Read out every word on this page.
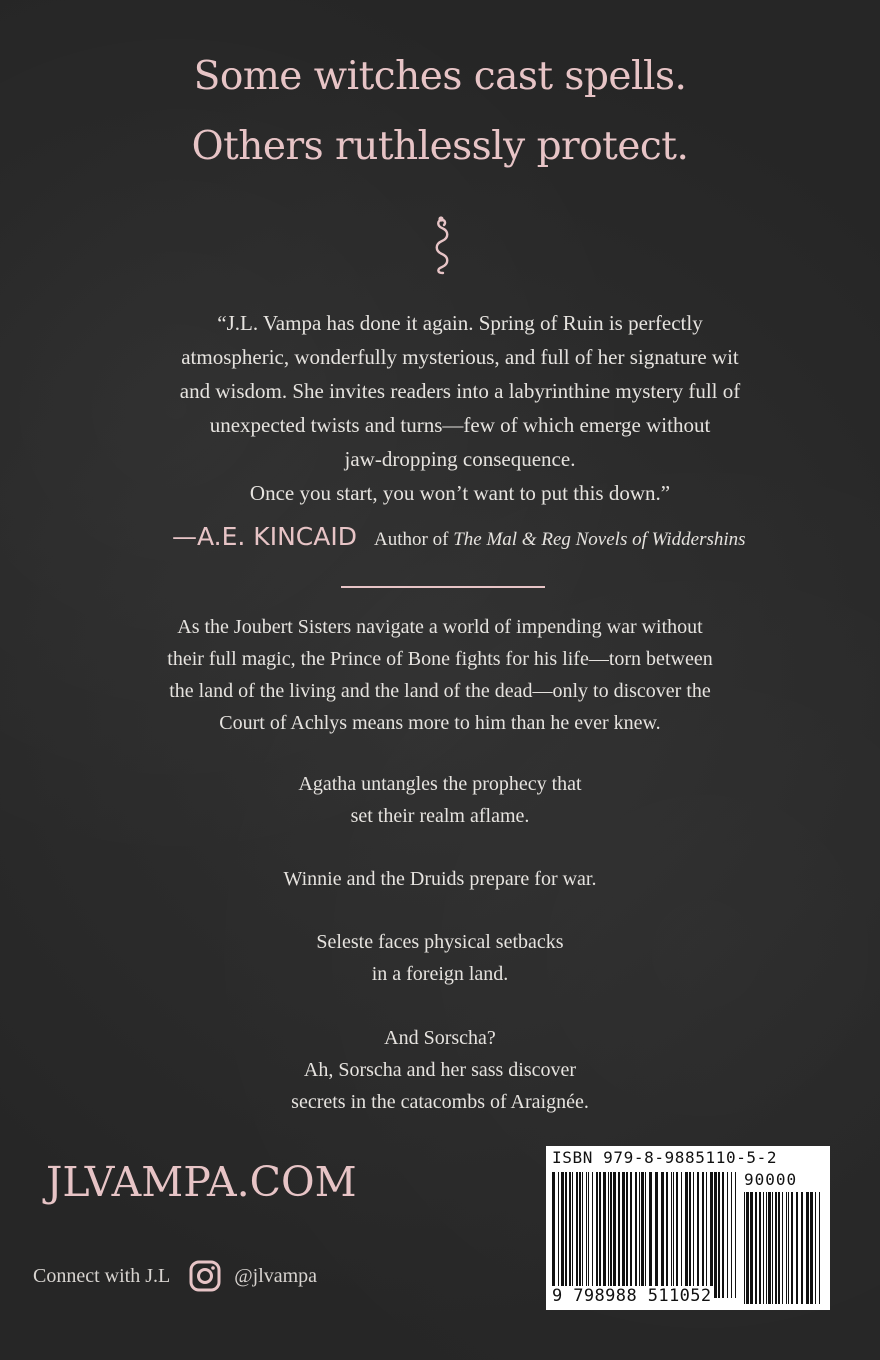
Some witches cast spells.
Others ruthlessly protect.

“J.L. Vampa has done it again. Spring of Ruin is perfectly
atmospheric, wonderfully mysterious, and full of her signature wit
and wisdom. She invites readers into a labyrinthine mystery full of
unexpected twists and turns—few of which emerge without
jaw-dropping consequence.
Once you start, you won’t want to put this down.”

—A.E. KINCAID Author of The Mal & Reg Novels of Widdershins

As the Joubert Sisters navigate a world of impending war without
their full magic, the Prince of Bone fights for his life—torn between
the land of the living and the land of the dead—only to discover the
Court of Achlys means more to him than he ever knew.

Agatha untangles the prophecy that
set their realm aflame.

Winnie and the Druids prepare for war.

Seleste faces physical setbacks
in a foreign land.

And Sorscha?
Ah, Sorscha and her sass discover
secrets in the catacombs of Araignée.

JLVAMPA.COM
Connect with J.L	@jlvampa
ISBN 979-8-9885110-5-2
90000
9 798988 511052
